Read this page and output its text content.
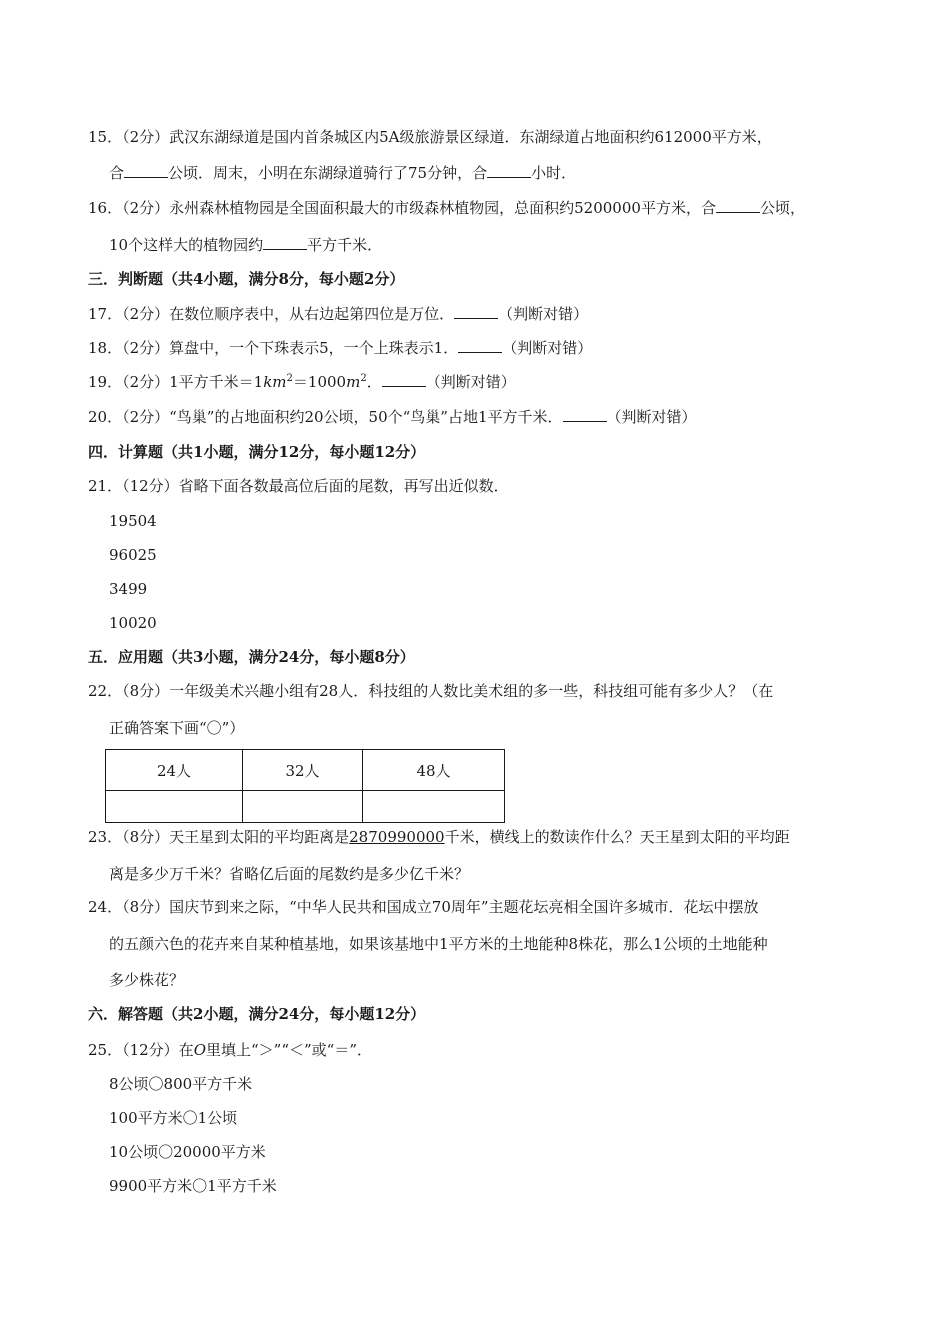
15．（2分）武汉东湖绿道是国内首条城区内5A级旅游景区绿道．东湖绿道占地面积约612000平方米，
合	公顷．周末，小明在东湖绿道骑行了75分钟，合	小时．
16．（2分）永州森林植物园是全国面积最大的市级森林植物园，总面积约5200000平方米，合	公顷，
10个这样大的植物园约	平方千米．
三．判断题（共4小题，满分8分，每小题2分）
17．（2分）在数位顺序表中，从右边起第四位是万位．	（判断对错）
18．（2分）算盘中，一个下珠表示5，一个上珠表示1．	（判断对错）
19．（2分）1平方千米$=1km^2=1000m^2$．	（判断对错）
20．（2分）“鸟巢”的占地面积约20公顷，50个“鸟巢”占地1平方千米．	（判断对错）
四．计算题（共1小题，满分12分，每小题12分）
21．（12分）省略下面各数最高位后面的尾数，再写出近似数．
19504
96025
3499
10020
五．应用题（共3小题，满分24分，每小题8分）
22．（8分）一年级美术兴趣小组有28人．科技组的人数比美术组的多一些，科技组可能有多少人？（在
正确答案下画“〇”）
24人	32人	48人

23．（8分）天王星到太阳的平均距离是2870990000千米，横线上的数读作什么？天王星到太阳的平均距
离是多少万千米？省略亿后面的尾数约是多少亿千米？
24．（8分）国庆节到来之际，“中华人民共和国成立70周年”主题花坛亮相全国许多城市．花坛中摆放
的五颜六色的花卉来自某种植基地，如果该基地中1平方米的土地能种8株花，那么1公顷的土地能种
多少株花？
六．解答题（共2小题，满分24分，每小题12分）
25．（12分）在O里填上“＞”“＜”或“＝”．
8公顷〇800平方千米
100平方米〇1公顷
10公顷〇20000平方米
9900平方米〇1平方千米
